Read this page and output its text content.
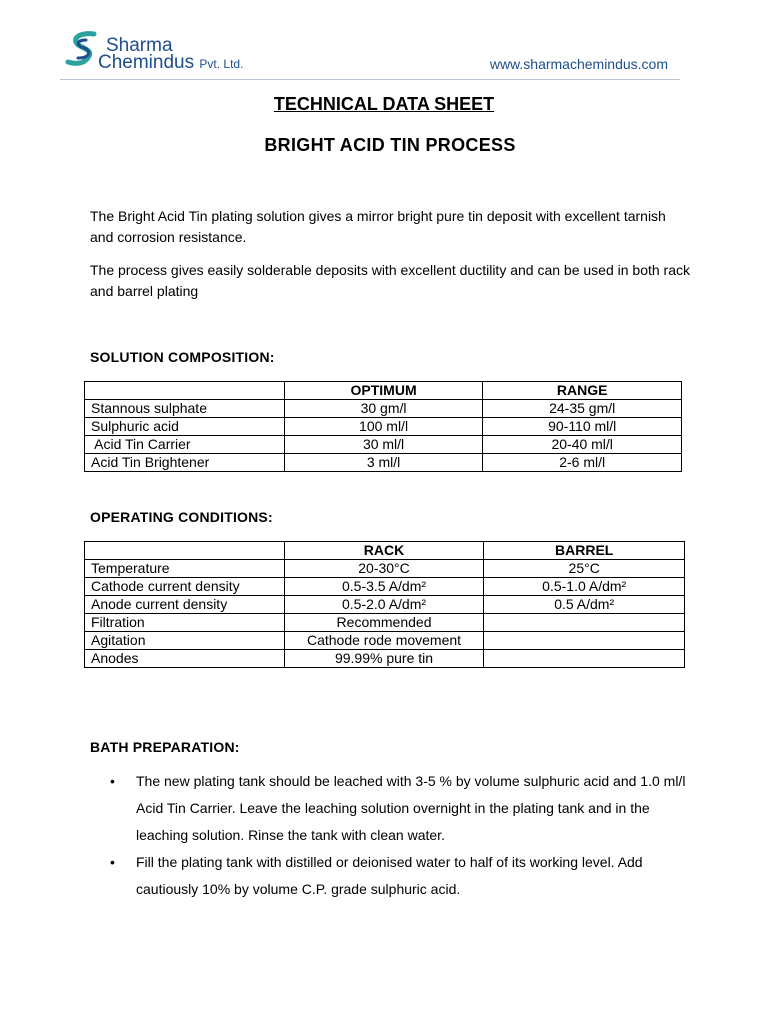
Sharma
Chemindus Pvt. Ltd.	www.sharmachemindus.com
TECHNICAL DATA SHEET
BRIGHT ACID TIN PROCESS
The Bright Acid Tin plating solution gives a mirror bright pure tin deposit with excellent tarnish and corrosion resistance.
The process gives easily solderable deposits with excellent ductility and can be used in both rack and barrel plating
SOLUTION COMPOSITION:
	OPTIMUM	RANGE
Stannous sulphate	30 gm/l	24-35 gm/l
Sulphuric acid	100 ml/l	90-110 ml/l
Acid Tin Carrier	30 ml/l	20-40 ml/l
Acid Tin Brightener	3 ml/l	2-6 ml/l
OPERATING CONDITIONS:
	RACK	BARREL
Temperature	20-30°C	25°C
Cathode current density	0.5-3.5 A/dm²	0.5-1.0 A/dm²
Anode current density	0.5-2.0 A/dm²	0.5 A/dm²
Filtration	Recommended	
Agitation	Cathode rode movement	
Anodes	99.99% pure tin	
BATH PREPARATION:
• The new plating tank should be leached with 3-5 % by volume sulphuric acid and 1.0 ml/l Acid Tin Carrier. Leave the leaching solution overnight in the plating tank and in the leaching solution. Rinse the tank with clean water.
• Fill the plating tank with distilled or deionised water to half of its working level. Add cautiously 10% by volume C.P. grade sulphuric acid.
